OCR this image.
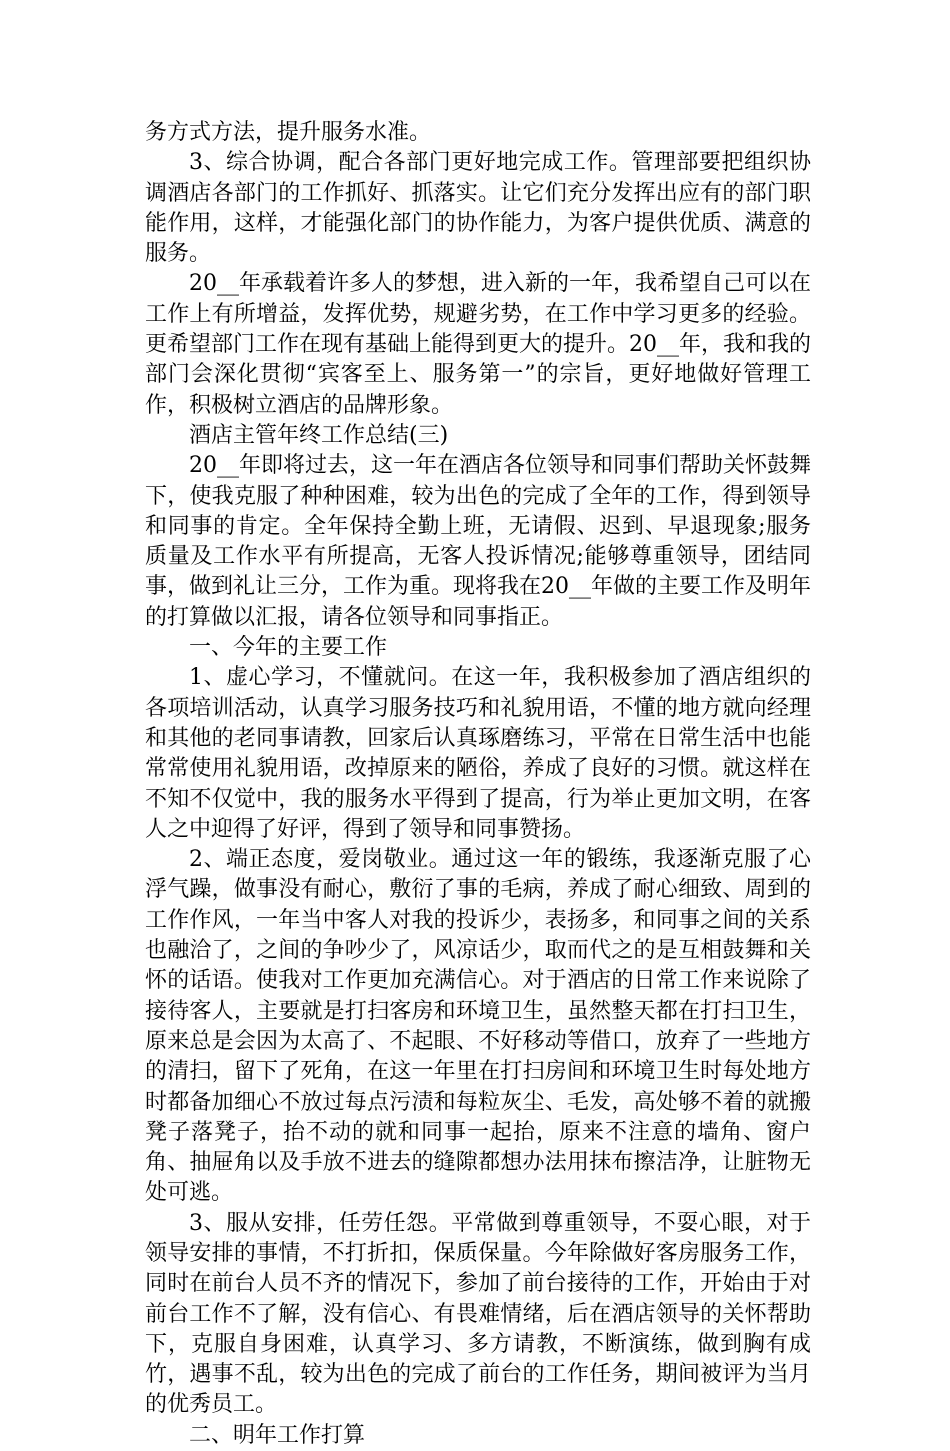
务方式方法，提升服务水准。

3、综合协调，配合各部门更好地完成工作。管理部要把组织协调酒店各部门的工作抓好、抓落实。让它们充分发挥出应有的部门职能作用，这样，才能强化部门的协作能力，为客户提供优质、满意的服务。

20__年承载着许多人的梦想，进入新的一年，我希望自己可以在工作上有所增益，发挥优势，规避劣势，在工作中学习更多的经验。更希望部门工作在现有基础上能得到更大的提升。20__年，我和我的部门会深化贯彻“宾客至上、服务第一”的宗旨，更好地做好管理工作，积极树立酒店的品牌形象。

酒店主管年终工作总结(三)

20__年即将过去，这一年在酒店各位领导和同事们帮助关怀鼓舞下，使我克服了种种困难，较为出色的完成了全年的工作，得到领导和同事的肯定。全年保持全勤上班，无请假、迟到、早退现象;服务质量及工作水平有所提高，无客人投诉情况;能够尊重领导，团结同事，做到礼让三分，工作为重。现将我在20__年做的主要工作及明年的打算做以汇报，请各位领导和同事指正。

一、今年的主要工作

1、虚心学习，不懂就问。在这一年，我积极参加了酒店组织的各项培训活动，认真学习服务技巧和礼貌用语，不懂的地方就向经理和其他的老同事请教，回家后认真琢磨练习，平常在日常生活中也能常常使用礼貌用语，改掉原来的陋俗，养成了良好的习惯。就这样在不知不仅觉中，我的服务水平得到了提高，行为举止更加文明，在客人之中迎得了好评，得到了领导和同事赞扬。

2、端正态度，爱岗敬业。通过这一年的锻练，我逐渐克服了心浮气躁，做事没有耐心，敷衍了事的毛病，养成了耐心细致、周到的工作作风，一年当中客人对我的投诉少，表扬多，和同事之间的关系也融洽了，之间的争吵少了，风凉话少，取而代之的是互相鼓舞和关怀的话语。使我对工作更加充满信心。对于酒店的日常工作来说除了接待客人，主要就是打扫客房和环境卫生，虽然整天都在打扫卫生，原来总是会因为太高了、不起眼、不好移动等借口，放弃了一些地方的清扫，留下了死角，在这一年里在打扫房间和环境卫生时每处地方时都备加细心不放过每点污渍和每粒灰尘、毛发，高处够不着的就搬凳子落凳子，抬不动的就和同事一起抬，原来不注意的墙角、窗户角、抽屉角以及手放不进去的缝隙都想办法用抹布擦洁净，让脏物无处可逃。

3、服从安排，任劳任怨。平常做到尊重领导，不耍心眼，对于领导安排的事情，不打折扣，保质保量。今年除做好客房服务工作，同时在前台人员不齐的情况下，参加了前台接待的工作，开始由于对前台工作不了解，没有信心、有畏难情绪，后在酒店领导的关怀帮助下，克服自身困难，认真学习、多方请教，不断演练，做到胸有成竹，遇事不乱，较为出色的完成了前台的工作任务，期间被评为当月的优秀员工。

二、明年工作打算
